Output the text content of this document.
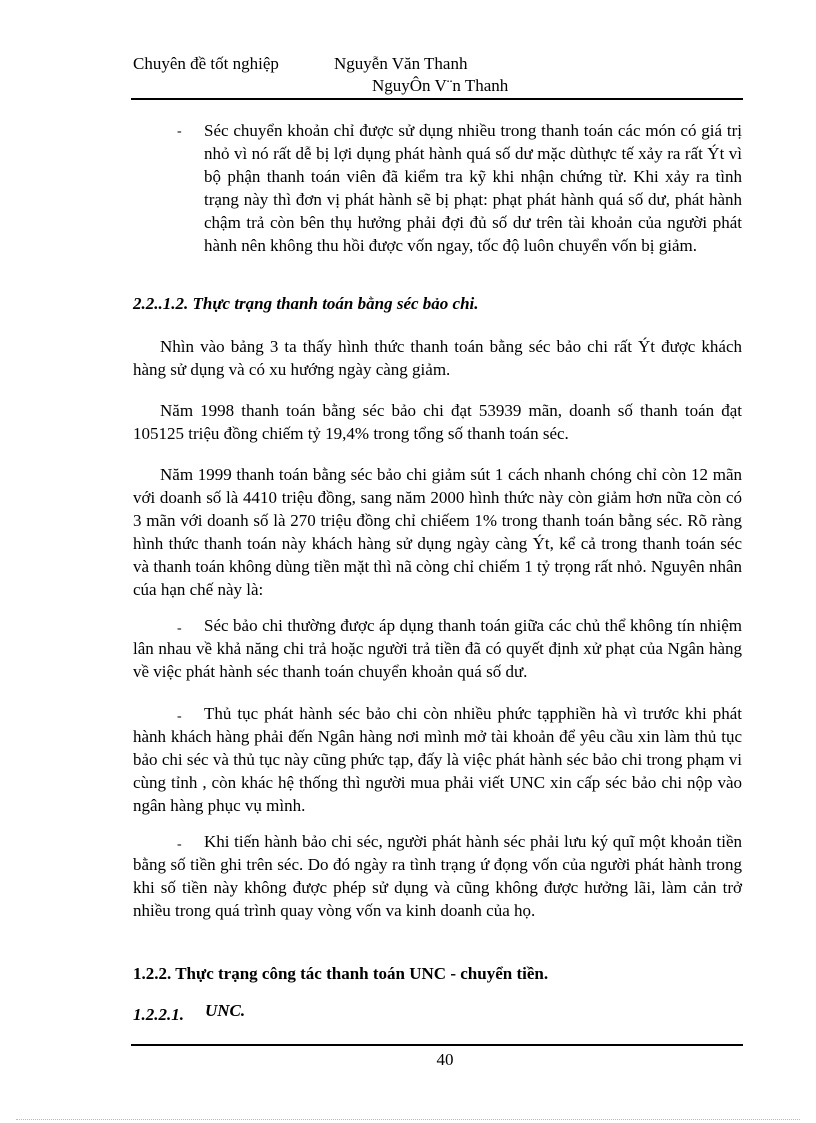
Chuyên đề tốt nghiệp	Nguyễn Văn Thanh
NguyÔn V¨n Thanh
- Séc chuyển khoản chỉ được sử dụng nhiều trong thanh toán các món có giá trị nhỏ vì nó rất dễ bị lợi dụng phát hành quá số dư mặc dùthực tế xảy ra rất Ýt vì bộ phận thanh toán viên đã kiểm tra kỹ khi nhận chứng từ. Khi xảy ra tình trạng này thì đơn vị phát hành sẽ bị phạt: phạt phát hành quá số dư, phát hành chậm trả còn bên thụ hưởng phải đợi đủ số dư trên tài khoản của người phát hành nên không thu hồi được vốn ngay, tốc độ luôn chuyển vốn bị giảm.

2.2..1.2. Thực trạng thanh toán bằng séc bảo chi.

Nhìn vào bảng 3 ta thấy hình thức thanh toán bằng séc bảo chi rất Ýt được khách hàng sử dụng và có xu hướng ngày càng giảm.

Năm 1998 thanh toán bằng séc bảo chi đạt 53939 mãn, doanh số thanh toán đạt 105125 triệu đồng chiếm tỷ 19,4% trong tổng số thanh toán séc.

Năm 1999 thanh toán bằng séc bảo chi giảm sút 1 cách nhanh chóng chỉ còn 12 mãn với doanh số là 4410 triệu đồng, sang năm 2000 hình thức này còn giảm hơn nữa còn có 3 mãn với doanh số là 270 triệu đồng chỉ chiếem 1% trong thanh toán bằng séc. Rõ ràng hình thức thanh toán này khách hàng sử dụng ngày càng Ýt, kể cả trong thanh toán séc và thanh toán không dùng tiền mặt thì nã còng chỉ chiếm 1 tỷ trọng rất nhỏ. Nguyên nhân cúa hạn chế này là:

-	Séc bảo chi thường được áp dụng thanh toán giữa các chủ thể không tín nhiệm lân nhau về khả năng chi trả hoặc người trả tiền đã có quyết định xử phạt của Ngân hàng về việc phát hành séc thanh toán chuyển khoản quá số dư.

-	Thủ tục phát hành séc bảo chi còn nhiều phức tạpphiền hà vì trước khi phát hành khách hàng phải đến Ngân hàng nơi mình mở tài khoản để yêu cầu xin làm thủ tục bảo chi séc và thủ tục này cũng phức tạp, đấy là việc phát hành séc bảo chi trong phạm vi cùng tỉnh , còn khác hệ thống thì người mua phải viết UNC xin cấp séc bảo chi nộp vào ngân hàng phục vụ mình.

-	Khi tiến hành bảo chi séc, người phát hành séc phải lưu ký quĩ một khoản tiền bằng số tiền ghi trên séc. Do đó ngày ra tình trạng ứ đọng vốn của người phát hành trong khi số tiền này không được phép sử dụng và cũng không được hưởng lãi, làm cản trở nhiều trong quá trình quay vòng vốn va kinh doanh của họ.

1.2.2. Thực trạng công tác thanh toán UNC - chuyển tiền.
1.2.2.1. UNC.
40
